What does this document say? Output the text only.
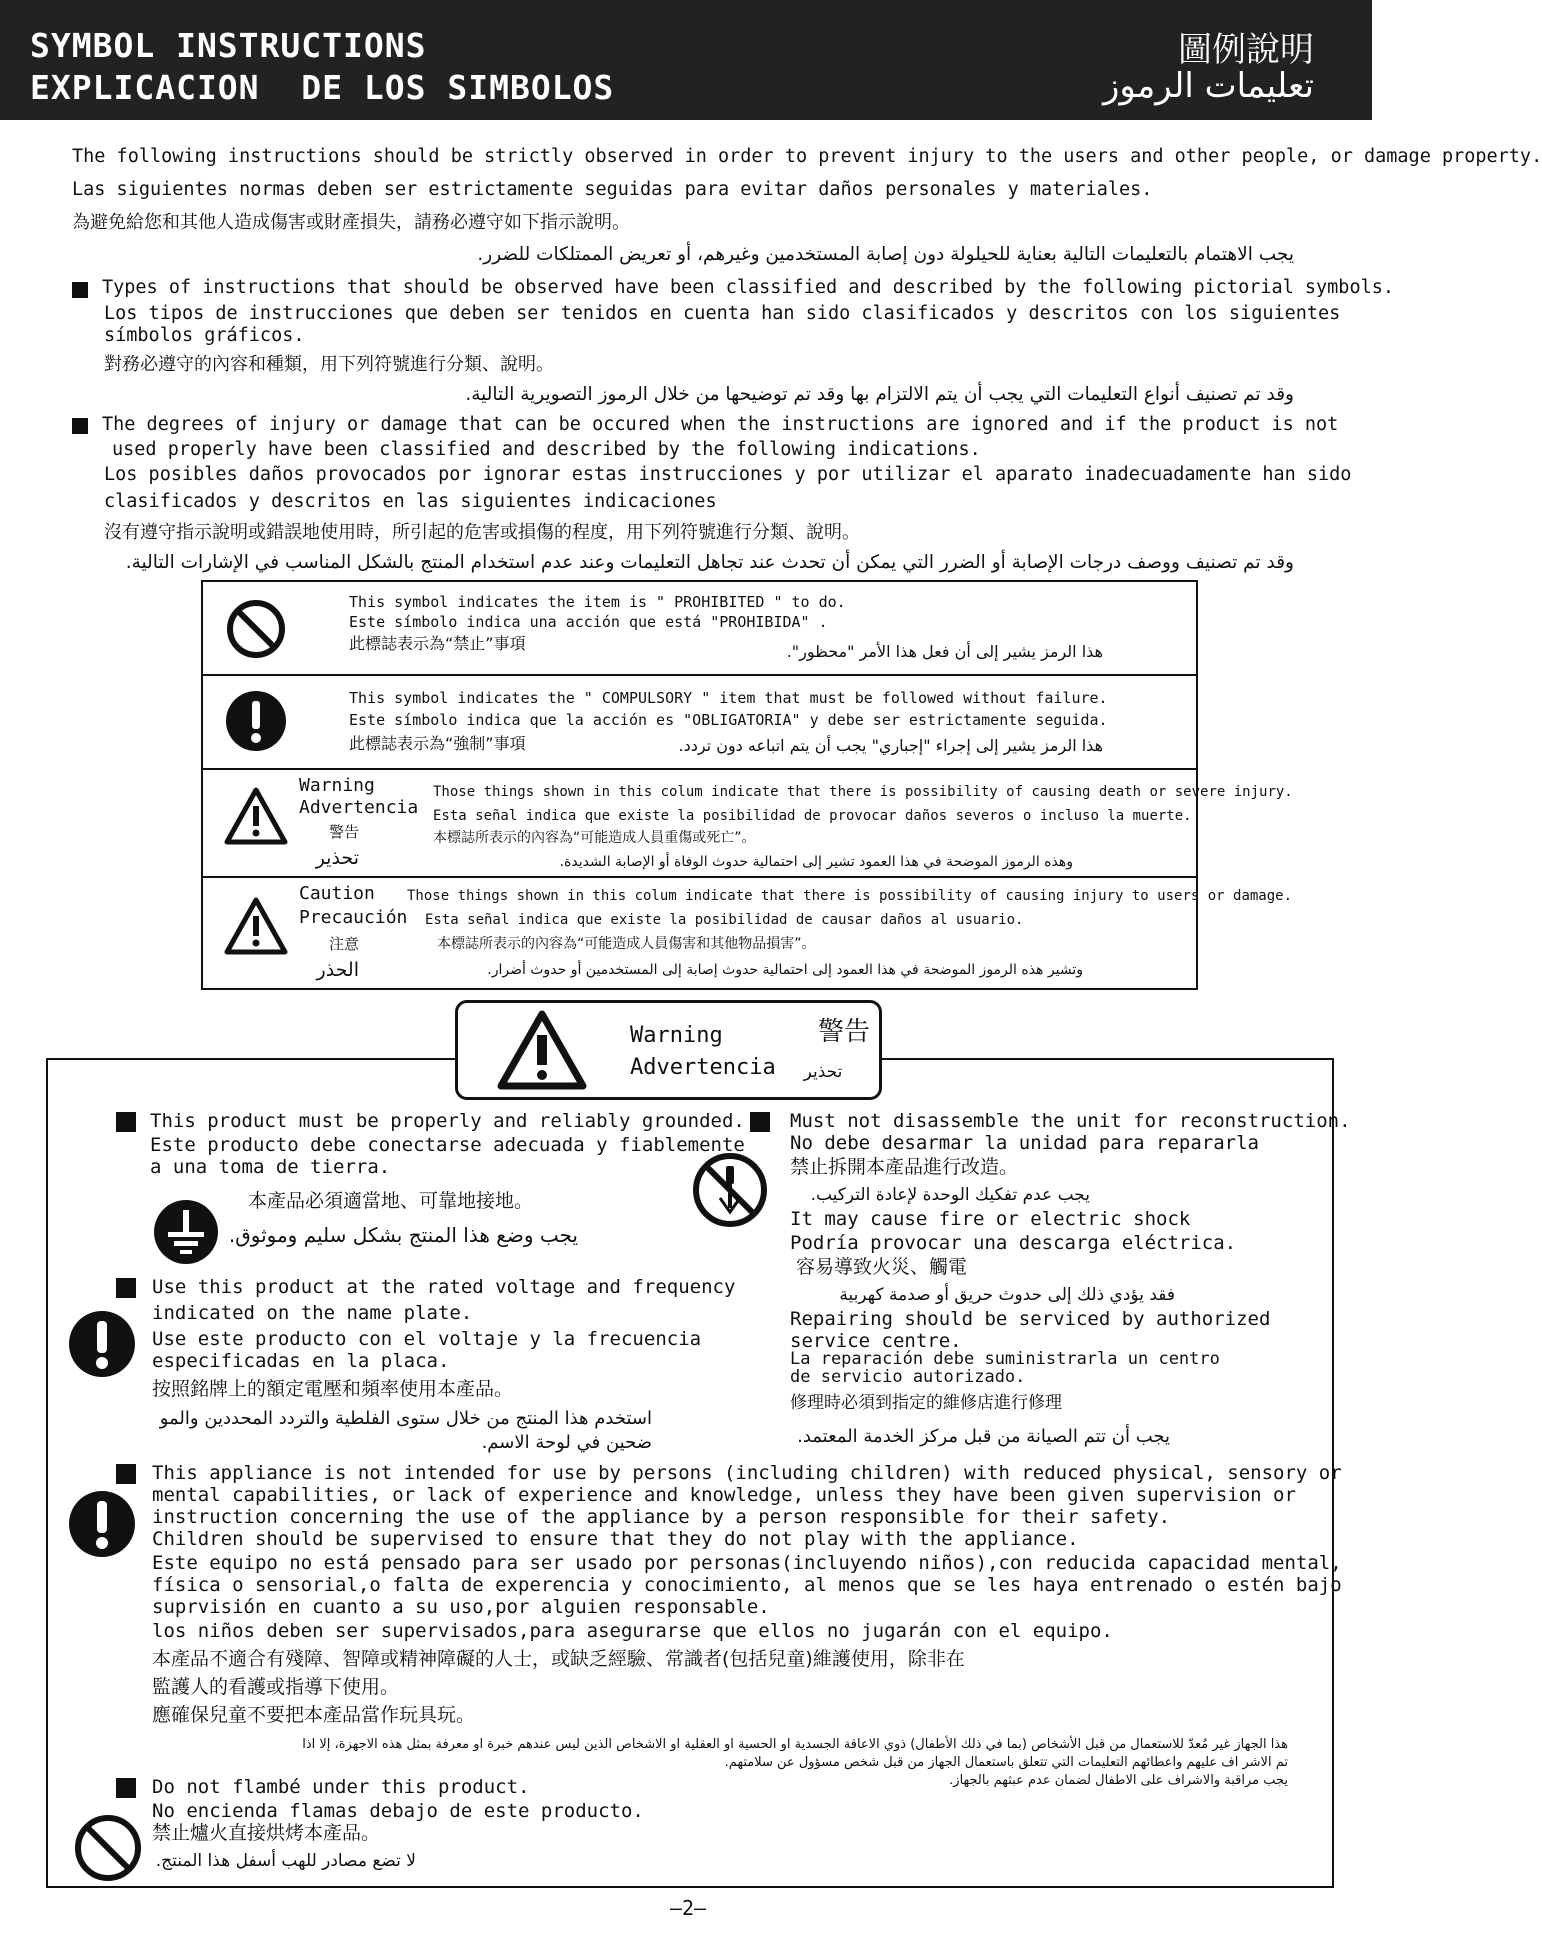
SYMBOL INSTRUCTIONS
EXPLICACION  DE LOS SIMBOLOS
圖例說明
تعليمات الرموز
The following instructions should be strictly observed in order to prevent injury to the users and other people, or damage property.
Las siguientes normas deben ser estrictamente seguidas para evitar daños personales y materiales.
為避免給您和其他人造成傷害或財產損失，請務必遵守如下指示說明。
يجب الاهتمام بالتعليمات التالية بعناية للحيلولة دون إصابة المستخدمين وغيرهم، أو تعريض الممتلكات للضرر.
Types of instructions that should be observed have been classified and described by the following pictorial symbols.
Los tipos de instrucciones que deben ser tenidos en cuenta han sido clasificados y descritos con los siguientes
símbolos gráficos.
對務必遵守的內容和種類，用下列符號進行分類、說明。
وقد تم تصنيف أنواع التعليمات التي يجب أن يتم الالتزام بها وقد تم توضيحها من خلال الرموز التصويرية التالية.
The degrees of injury or damage that can be occured when the instructions are ignored and if the product is not
used properly have been classified and described by the following indications.
Los posibles daños provocados por ignorar estas instrucciones y por utilizar el aparato inadecuadamente han sido
clasificados y descritos en las siguientes indicaciones
沒有遵守指示說明或錯誤地使用時，所引起的危害或損傷的程度，用下列符號進行分類、說明。
وقد تم تصنيف ووصف درجات الإصابة أو الضرر التي يمكن أن تحدث عند تجاهل التعليمات وعند عدم استخدام المنتج بالشكل المناسب في الإشارات التالية.
This symbol indicates the item is " PROHIBITED " to do.
Este símbolo indica una acción que está "PROHIBIDA" .
此標誌表示為“禁止”事項	هذا الرمز يشير إلى أن فعل هذا الأمر "محظور".
This symbol indicates the " COMPULSORY " item that must be followed without failure.
Este símbolo indica que la acción es "OBLIGATORIA" y debe ser estrictamente seguida.
此標誌表示為“強制”事項	هذا الرمز يشير إلى إجراء "إجباري" يجب أن يتم اتباعه دون تردد.
Warning
Advertencia
警告
تحذير
Those things shown in this colum indicate that there is possibility of causing death or severe injury.
Esta señal indica que existe la posibilidad de provocar daños severos o incluso la muerte.
本標誌所表示的內容為“可能造成人員重傷或死亡”。
وهذه الرموز الموضحة في هذا العمود تشير إلى احتمالية حدوث الوفاة أو الإصابة الشديدة.
Caution
Precaución
注意
الحذر
Those things shown in this colum indicate that there is possibility of causing injury to users or damage.
Esta señal indica que existe la posibilidad de causar daños al usuario.
本標誌所表示的內容為“可能造成人員傷害和其他物品損害”。
وتشير هذه الرموز الموضحة في هذا العمود إلى احتمالية حدوث إصابة إلى المستخدمين أو حدوث أضرار.
This product must be properly and reliably grounded.
Este producto debe conectarse adecuada y fiablemente
a una toma de tierra.
本產品必須適當地、可靠地接地。
يجب وضع هذا المنتج بشكل سليم وموثوق.
Use this product at the rated voltage and frequency
indicated on the name plate.
Use este producto con el voltaje y la frecuencia
especificadas en la placa.
按照銘牌上的額定電壓和頻率使用本產品。
استخدم هذا المنتج من خلال ستوى الفلطية والتردد المحددين والمو
ضحين في لوحة الاسم.
Must not disassemble the unit for reconstruction.
No debe desarmar la unidad para repararla
禁止拆開本產品進行改造。
يجب عدم تفكيك الوحدة لإعادة التركيب.
It may cause fire or electric shock
Podría provocar una descarga eléctrica.
容易導致火災、觸電
فقد يؤدي ذلك إلى حدوث حريق أو صدمة كهربية
Repairing should be serviced by authorized
service centre.
La reparación debe suministrarla un centro
de servicio autorizado.
修理時必須到指定的維修店進行修理
يجب أن تتم الصيانة من قبل مركز الخدمة المعتمد.
This appliance is not intended for use by persons (including children) with reduced physical, sensory or
mental capabilities, or lack of experience and knowledge, unless they have been given supervision or
instruction concerning the use of the appliance by a person responsible for their safety.
Children should be supervised to ensure that they do not play with the appliance.
Este equipo no está pensado para ser usado por personas(incluyendo niños),con reducida capacidad mental,
física o sensorial,o falta de experencia y conocimiento, al menos que se les haya entrenado o estén bajo
suprvisión en cuanto a su uso,por alguien responsable.
los niños deben ser supervisados,para asegurarse que ellos no jugarán con el equipo.
本產品不適合有殘障、智障或精神障礙的人士，或缺乏經驗、常識者(包括兒童)維護使用，除非在
監護人的看護或指導下使用。
應確保兒童不要把本產品當作玩具玩。
هذا الجهاز غير مُعدّ للاستعمال من قبل الأشخاص (بما في ذلك الأطفال) ذوي الاعاقة الجسدية او الحسية او العقلية او الاشخاص الذين ليس عندهم خبرة او معرفة بمثل هذه الاجهزة، إلا اذا
تم الاشر اف عليهم واعطائهم التعليمات التي تتعلق باستعمال الجهاز من قبل شخص مسؤول عن سلامتهم.
يجب مراقبة والاشراف على الاطفال لضمان عدم عبثهم بالجهاز.
Do not flambé under this product.
No encienda flamas debajo de este producto.
禁止爐火直接烘烤本產品。
لا تضع مصادر للهب أسفل هذا المنتج.
Warning
Advertencia
警告
تحذير
—2—
